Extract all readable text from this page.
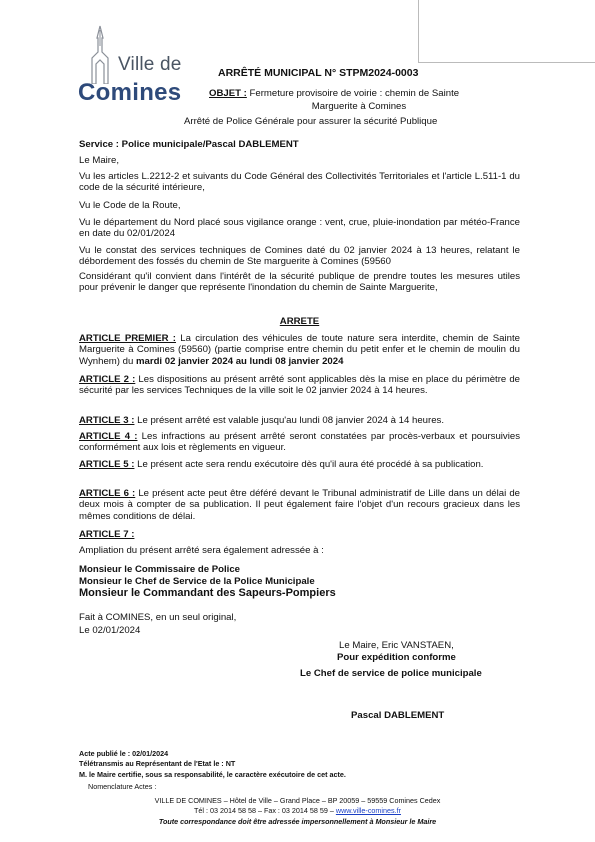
Ville de
Comines
ARRÊTÉ MUNICIPAL N° STPM2024-0003
OBJET : Fermeture provisoire de voirie : chemin de Sainte
Marguerite à Comines
Arrêté de Police Générale pour assurer la sécurité Publique
Service : Police municipale/Pascal DABLEMENT

Le Maire,

Vu les articles L.2212-2 et suivants du Code Général des Collectivités Territoriales et l'article L.511-1 du code de la sécurité intérieure,

Vu le Code de la Route,

Vu le département du Nord placé sous vigilance orange : vent, crue, pluie-inondation par météo-France en date du 02/01/2024

Vu le constat des services techniques de Comines daté du 02 janvier 2024 à 13 heures, relatant le débordement des fossés du chemin de Ste marguerite à Comines (59560

Considérant qu'il convient dans l'intérêt de la sécurité publique de prendre toutes les mesures utiles pour prévenir le danger que représente l'inondation du chemin de Sainte Marguerite,

ARRETE

ARTICLE PREMIER : La circulation des véhicules de toute nature sera interdite, chemin de Sainte Marguerite à Comines (59560) (partie comprise entre chemin du petit enfer et le chemin de moulin du Wynhem) du mardi 02 janvier 2024 au lundi 08 janvier 2024

ARTICLE 2 : Les dispositions au présent arrêté sont applicables dès la mise en place du périmètre de sécurité par les services Techniques de la ville soit le 02 janvier 2024 à 14 heures.

ARTICLE 3 : Le présent arrêté est valable jusqu'au lundi 08 janvier 2024 à 14 heures.

ARTICLE 4 : Les infractions au présent arrêté seront constatées par procès-verbaux et poursuivies conformément aux lois et règlements en vigueur.

ARTICLE 5 : Le présent acte sera rendu exécutoire dès qu'il aura été procédé à sa publication.

ARTICLE 6 : Le présent acte peut être déféré devant le Tribunal administratif de Lille dans un délai de deux mois à compter de sa publication. Il peut également faire l'objet d'un recours gracieux dans les mêmes conditions de délai.

ARTICLE 7 :

Ampliation du présent arrêté sera également adressée à :

Monsieur le Commissaire de Police
Monsieur le Chef de Service de la Police Municipale
Monsieur le Commandant des Sapeurs-Pompiers
Fait à COMINES, en un seul original,
Le 02/01/2024
Le Maire, Eric VANSTAEN,
Pour expédition conforme
Le Chef de service de police municipale
Pascal DABLEMENT
Acte publié le : 02/01/2024
Télétransmis au Représentant de l'Etat le : NT
M. le Maire certifie, sous sa responsabilité, le caractère exécutoire de cet acte.
Nomenclature Actes :
VILLE DE COMINES – Hôtel de Ville – Grand Place – BP 20059 – 59559 Comines Cedex
Tél : 03 2014 58 58 – Fax : 03 2014 58 59 – www.ville-comines.fr
Toute correspondance doit être adressée impersonnellement à Monsieur le Maire
